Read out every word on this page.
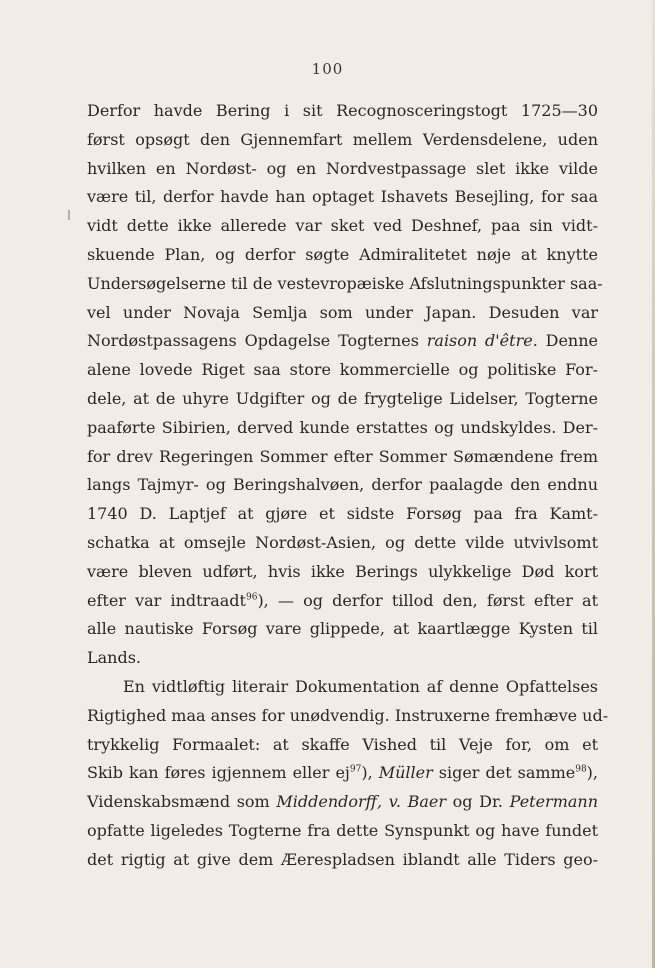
100
Derfor havde Bering i sit Recognosceringstogt 1725—30
først opsøgt den Gjennemfart mellem Verdensdelene, uden
hvilken en Nordøst- og en Nordvestpassage slet ikke vilde
være til, derfor havde han optaget Ishavets Besejling, for saa
vidt dette ikke allerede var sket ved Deshnef, paa sin vidt-
skuende Plan, og derfor søgte Admiralitetet nøje at knytte
Undersøgelserne til de vestevropæiske Afslutningspunkter saa-
vel under Novaja Semlja som under Japan. Desuden var
Nordøstpassagens Opdagelse Togternes raison d'être. Denne
alene lovede Riget saa store kommercielle og politiske For-
dele, at de uhyre Udgifter og de frygtelige Lidelser, Togterne
paaførte Sibirien, derved kunde erstattes og undskyldes. Der-
for drev Regeringen Sommer efter Sommer Sømændene frem
langs Tajmyr- og Beringshalvøen, derfor paalagde den endnu
1740 D. Laptjef at gjøre et sidste Forsøg paa fra Kamt-
schatka at omsejle Nordøst-Asien, og dette vilde utvivlsomt
være bleven udført, hvis ikke Berings ulykkelige Død kort
efter var indtraadt$^{96}$), — og derfor tillod den, først efter at
alle nautiske Forsøg vare glippede, at kaartlægge Kysten til
Lands.
En vidtløftig literair Dokumentation af denne Opfattelses
Rigtighed maa anses for unødvendig. Instruxerne fremhæve ud-
trykkelig Formaalet: at skaffe Vished til Veje for, om et
Skib kan føres igjennem eller $ej^{97}$), Müller siger det samme$^{98}$),
Videnskabsmænd som Middendorff, v. Baer og Dr. Petermann
opfatte ligeledes Togterne fra dette Synspunkt og have fundet
det rigtig at give dem Æerespladsen iblandt alle Tiders geo-
